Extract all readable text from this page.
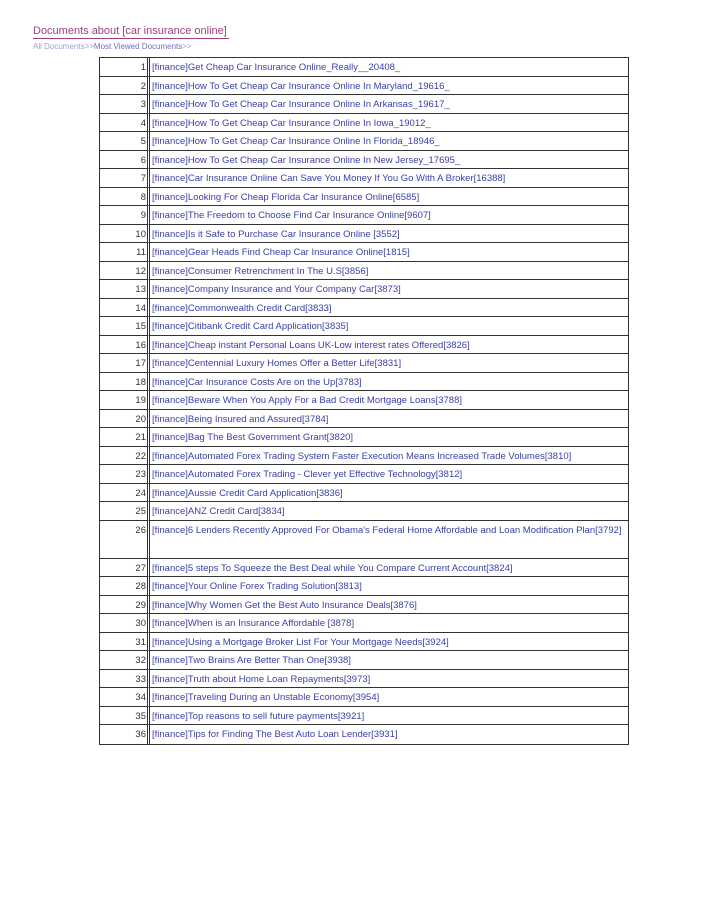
Documents about [car insurance online]
All Documents>>Most Viewed Documents>>
1	[finance]Get Cheap Car Insurance Online_Really__20408_
2	[finance]How To Get Cheap Car Insurance Online In Maryland_19616_
3	[finance]How To Get Cheap Car Insurance Online In Arkansas_19617_
4	[finance]How To Get Cheap Car Insurance Online In Iowa_19012_
5	[finance]How To Get Cheap Car Insurance Online In Florida_18946_
6	[finance]How To Get Cheap Car Insurance Online In New Jersey_17695_
7	[finance]Car Insurance Online Can Save You Money If You Go With A Broker[16388]
8	[finance]Looking For Cheap Florida Car Insurance Online[6585]
9	[finance]The Freedom to Choose Find Car Insurance Online[9607]
10	[finance]Is it Safe to Purchase Car Insurance Online [3552]
11	[finance]Gear Heads Find Cheap Car Insurance Online[1815]
12	[finance]Consumer Retrenchment In The U.S[3856]
13	[finance]Company Insurance and Your Company Car[3873]
14	[finance]Commonwealth Credit Card[3833]
15	[finance]Citibank Credit Card Application[3835]
16	[finance]Cheap instant Personal Loans UK-Low interest rates Offered[3826]
17	[finance]Centennial Luxury Homes Offer a Better Life[3831]
18	[finance]Car Insurance Costs Are on the Up[3783]
19	[finance]Beware When You Apply For a Bad Credit Mortgage Loans[3788]
20	[finance]Being Insured and Assured[3784]
21	[finance]Bag The Best Government Grant[3820]
22	[finance]Automated Forex Trading System Faster Execution Means Increased Trade Volumes[3810]
23	[finance]Automated Forex Trading - Clever yet Effective Technology[3812]
24	[finance]Aussie Credit Card Application[3836]
25	[finance]ANZ Credit Card[3834]
26	[finance]6 Lenders Recently Approved For Obama's Federal Home Affordable and Loan Modification Plan[3792]
27	[finance]5 steps To Squeeze the Best Deal while You Compare Current Account[3824]
28	[finance]Your Online Forex Trading Solution[3813]
29	[finance]Why Women Get the Best Auto Insurance Deals[3876]
30	[finance]When is an Insurance Affordable [3878]
31	[finance]Using a Mortgage Broker List For Your Mortgage Needs[3924]
32	[finance]Two Brains Are Better Than One[3938]
33	[finance]Truth about Home Loan Repayments[3973]
34	[finance]Traveling During an Unstable Economy[3954]
35	[finance]Top reasons to sell future payments[3921]
36	[finance]Tips for Finding The Best Auto Loan Lender[3931]
